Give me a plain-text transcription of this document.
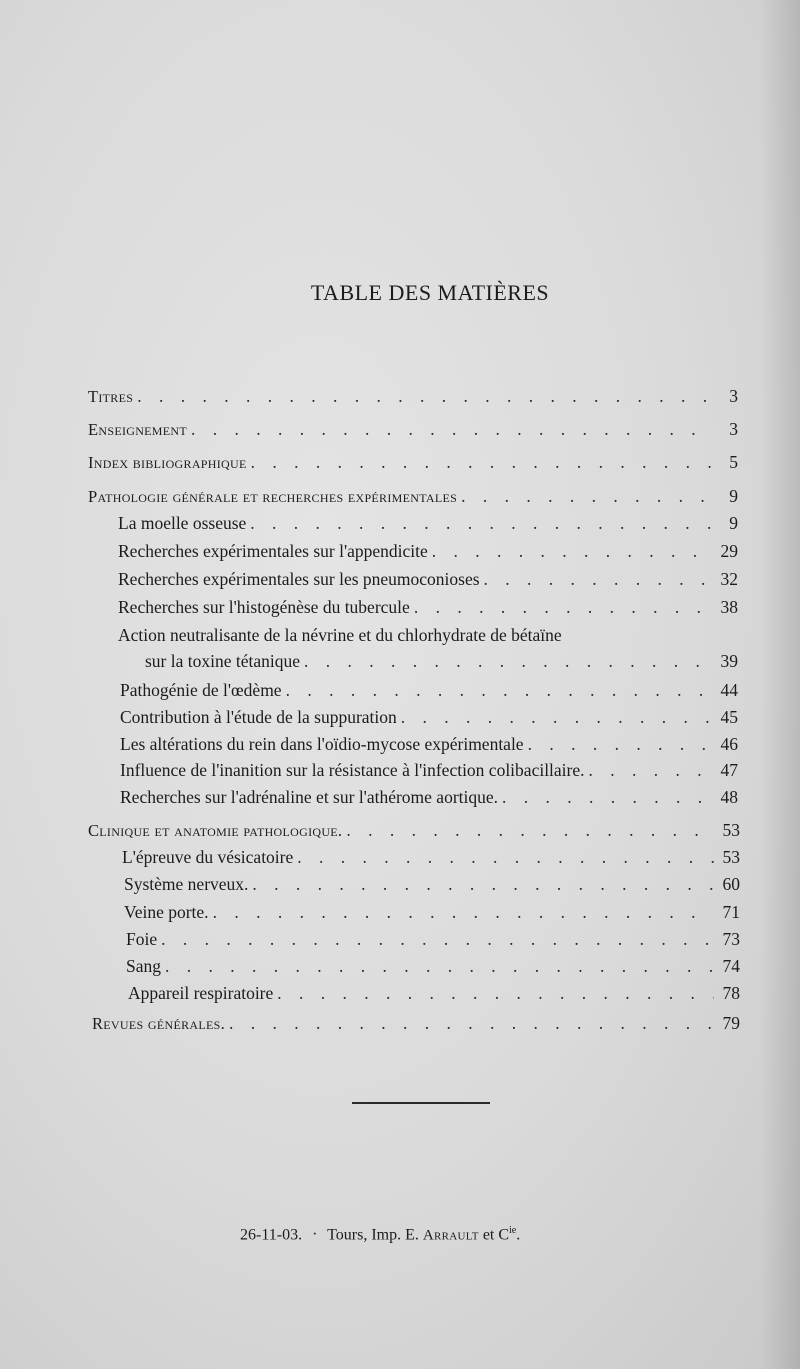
TABLE DES MATIÈRES
Titres . . .	3
Enseignement . . .	3
Index bibliographique . . .	5
Pathologie générale et recherches expérimentales . . .	9
La moelle osseuse . . .	9
Recherches expérimentales sur l'appendicite . . .	29
Recherches expérimentales sur les pneumoconioses . . .	32
Recherches sur l'histogénèse du tubercule . . .	38
Action neutralisante de la névrine et du chlorhydrate de bétaïne
sur la toxine tétanique . . .	39
Pathogénie de l'œdème . . .	44
Contribution à l'étude de la suppuration . . .	45
Les altérations du rein dans l'oïdio-mycose expérimentale . . .	46
Influence de l'inanition sur la résistance à l'infection colibacillaire. . . .	47
Recherches sur l'adrénaline et sur l'athérome aortique. . . .	48
Clinique et anatomie pathologique. . . .	53
L'épreuve du vésicatoire . . .	53
Système nerveux. . . .	60
Veine porte. . . .	71
Foie . . .	73
Sang . . .	74
Appareil respiratoire . . .	78
Revues générales. . . .	79
26-11-03. · Tours, Imp. E. Arrault et $C^{ie}$.
